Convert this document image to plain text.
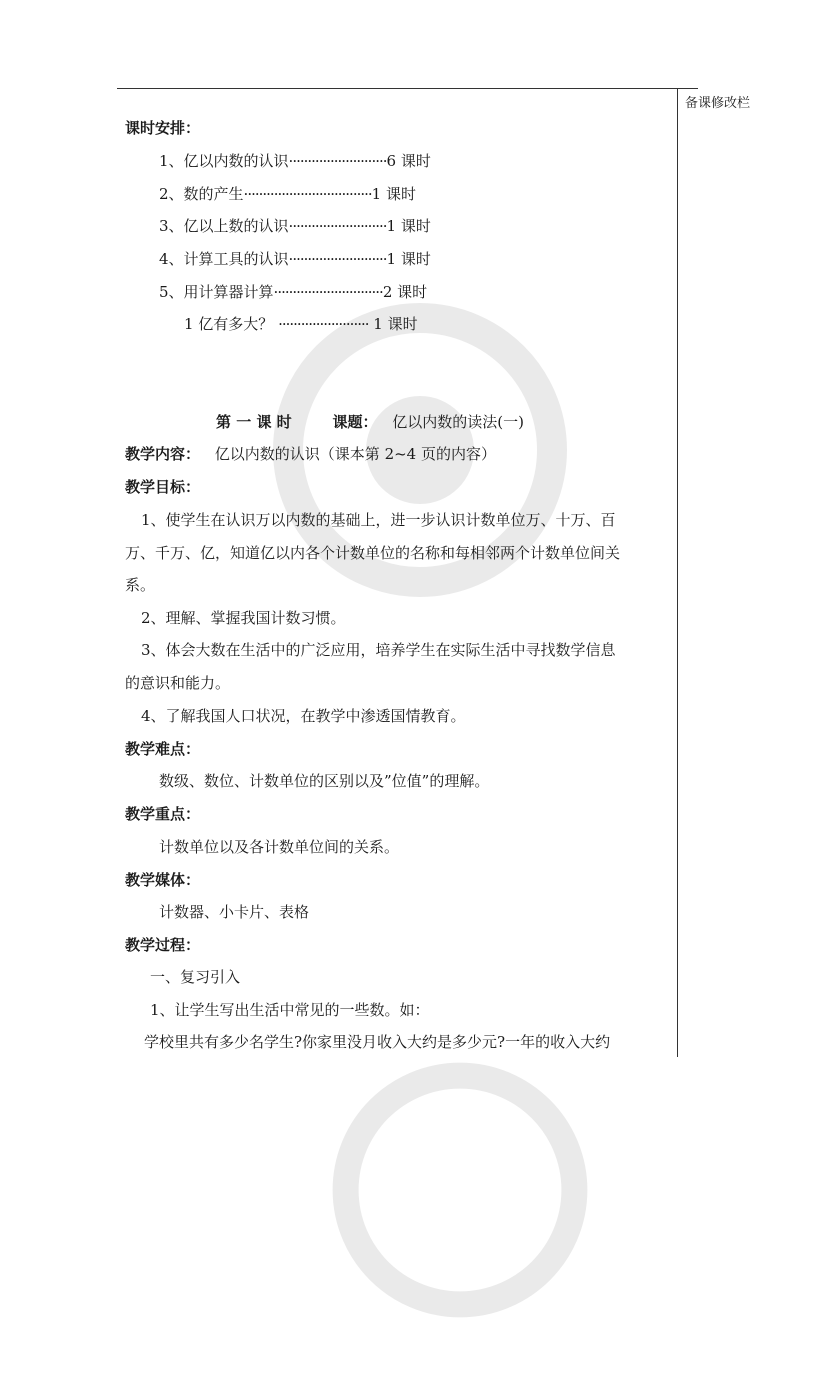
备课修改栏
课时安排：
1、亿以内数的认识··························6 课时
2、数的产生··································1 课时
3、亿以上数的认识··························1 课时
4、计算工具的认识··························1 课时
5、用计算器计算·····························2 课时
1 亿有多大？ ························ 1 课时
第 一 课 时	课题： 亿以内数的读法(一)
教学内容： 亿以内数的认识（课本第 2~4 页的内容）
教学目标：
1、使学生在认识万以内数的基础上，进一步认识计数单位万、十万、百
万、千万、亿，知道亿以内各个计数单位的名称和每相邻两个计数单位间关
系。
2、理解、掌握我国计数习惯。
3、体会大数在生活中的广泛应用，培养学生在实际生活中寻找数学信息
的意识和能力。
4、了解我国人口状况，在教学中渗透国情教育。
教学难点：
数级、数位、计数单位的区别以及”位值”的理解。
教学重点：
计数单位以及各计数单位间的关系。
教学媒体：
计数器、小卡片、表格
教学过程：
一、复习引入
1、让学生写出生活中常见的一些数。如：
学校里共有多少名学生?你家里没月收入大约是多少元?一年的收入大约
